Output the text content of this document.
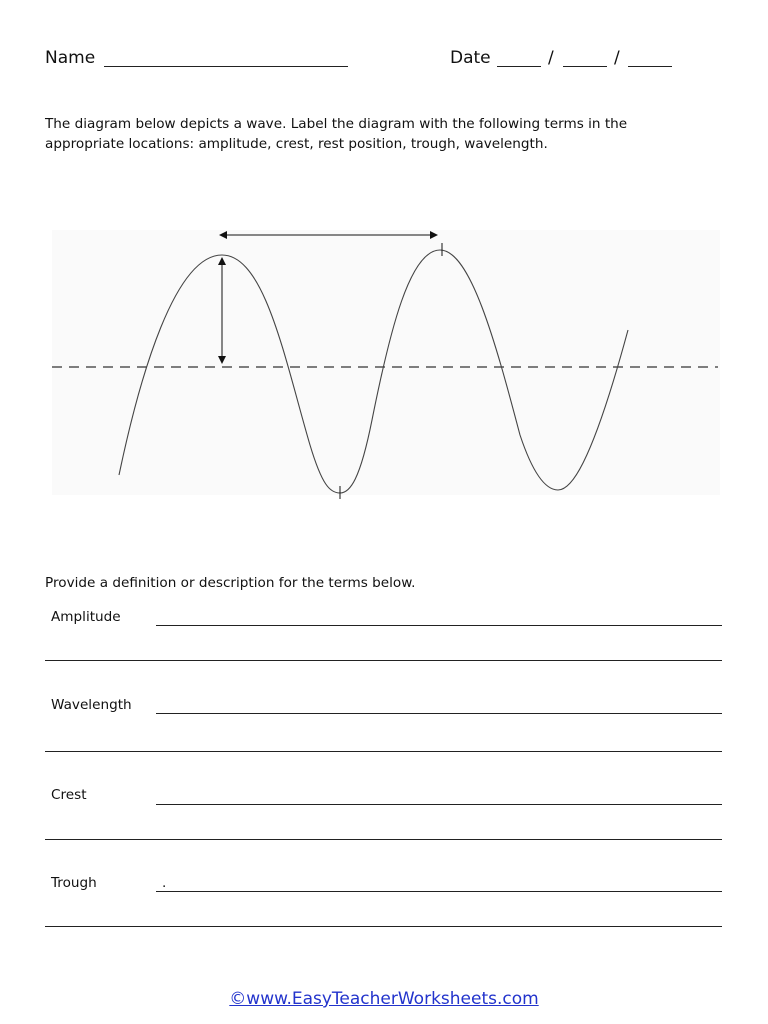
Name	Date	/	/
The diagram below depicts a wave. Label the diagram with the following terms in the appropriate locations: amplitude, crest, rest position, trough, wavelength.
Provide a definition or description for the terms below.
Amplitude
Wavelength
Crest
Trough	.
©www.EasyTeacherWorksheets.com
